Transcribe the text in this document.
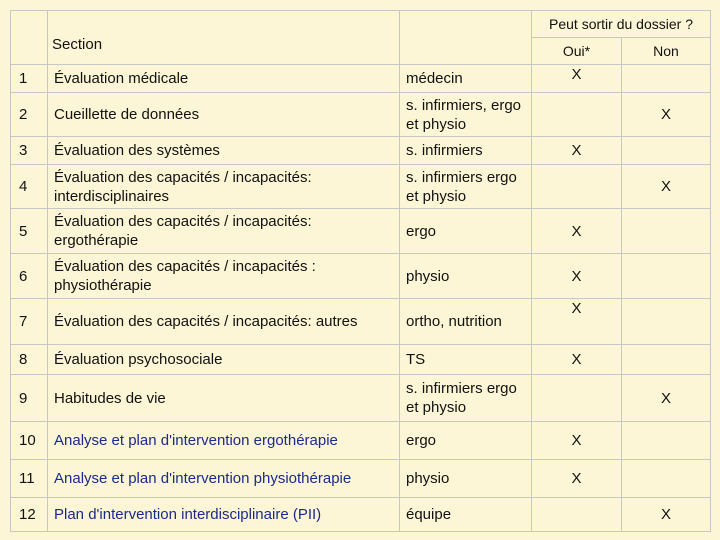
	Section		Peut sortir du dossier ?	
			Oui*	Non
1	Évaluation médicale	médecin	X	
2	Cueillette de données	s. infirmiers, ergo et physio		X
3	Évaluation des systèmes	s. infirmiers	X	
4	Évaluation des capacités / incapacités: interdisciplinaires	s. infirmiers ergo et physio		X
5	Évaluation des capacités / incapacités: ergothérapie	ergo	X	
6	Évaluation des capacités / incapacités : physiothérapie	physio	X	
7	Évaluation des capacités / incapacités: autres	ortho, nutrition	X	
8	Évaluation psychosociale	TS	X	
9	Habitudes de vie	s. infirmiers ergo et physio		X
10	Analyse et plan d'intervention ergothérapie	ergo	X	
11	Analyse et plan d'intervention physiothérapie	physio	X	
12	Plan d'intervention interdisciplinaire (PII)	équipe		X
